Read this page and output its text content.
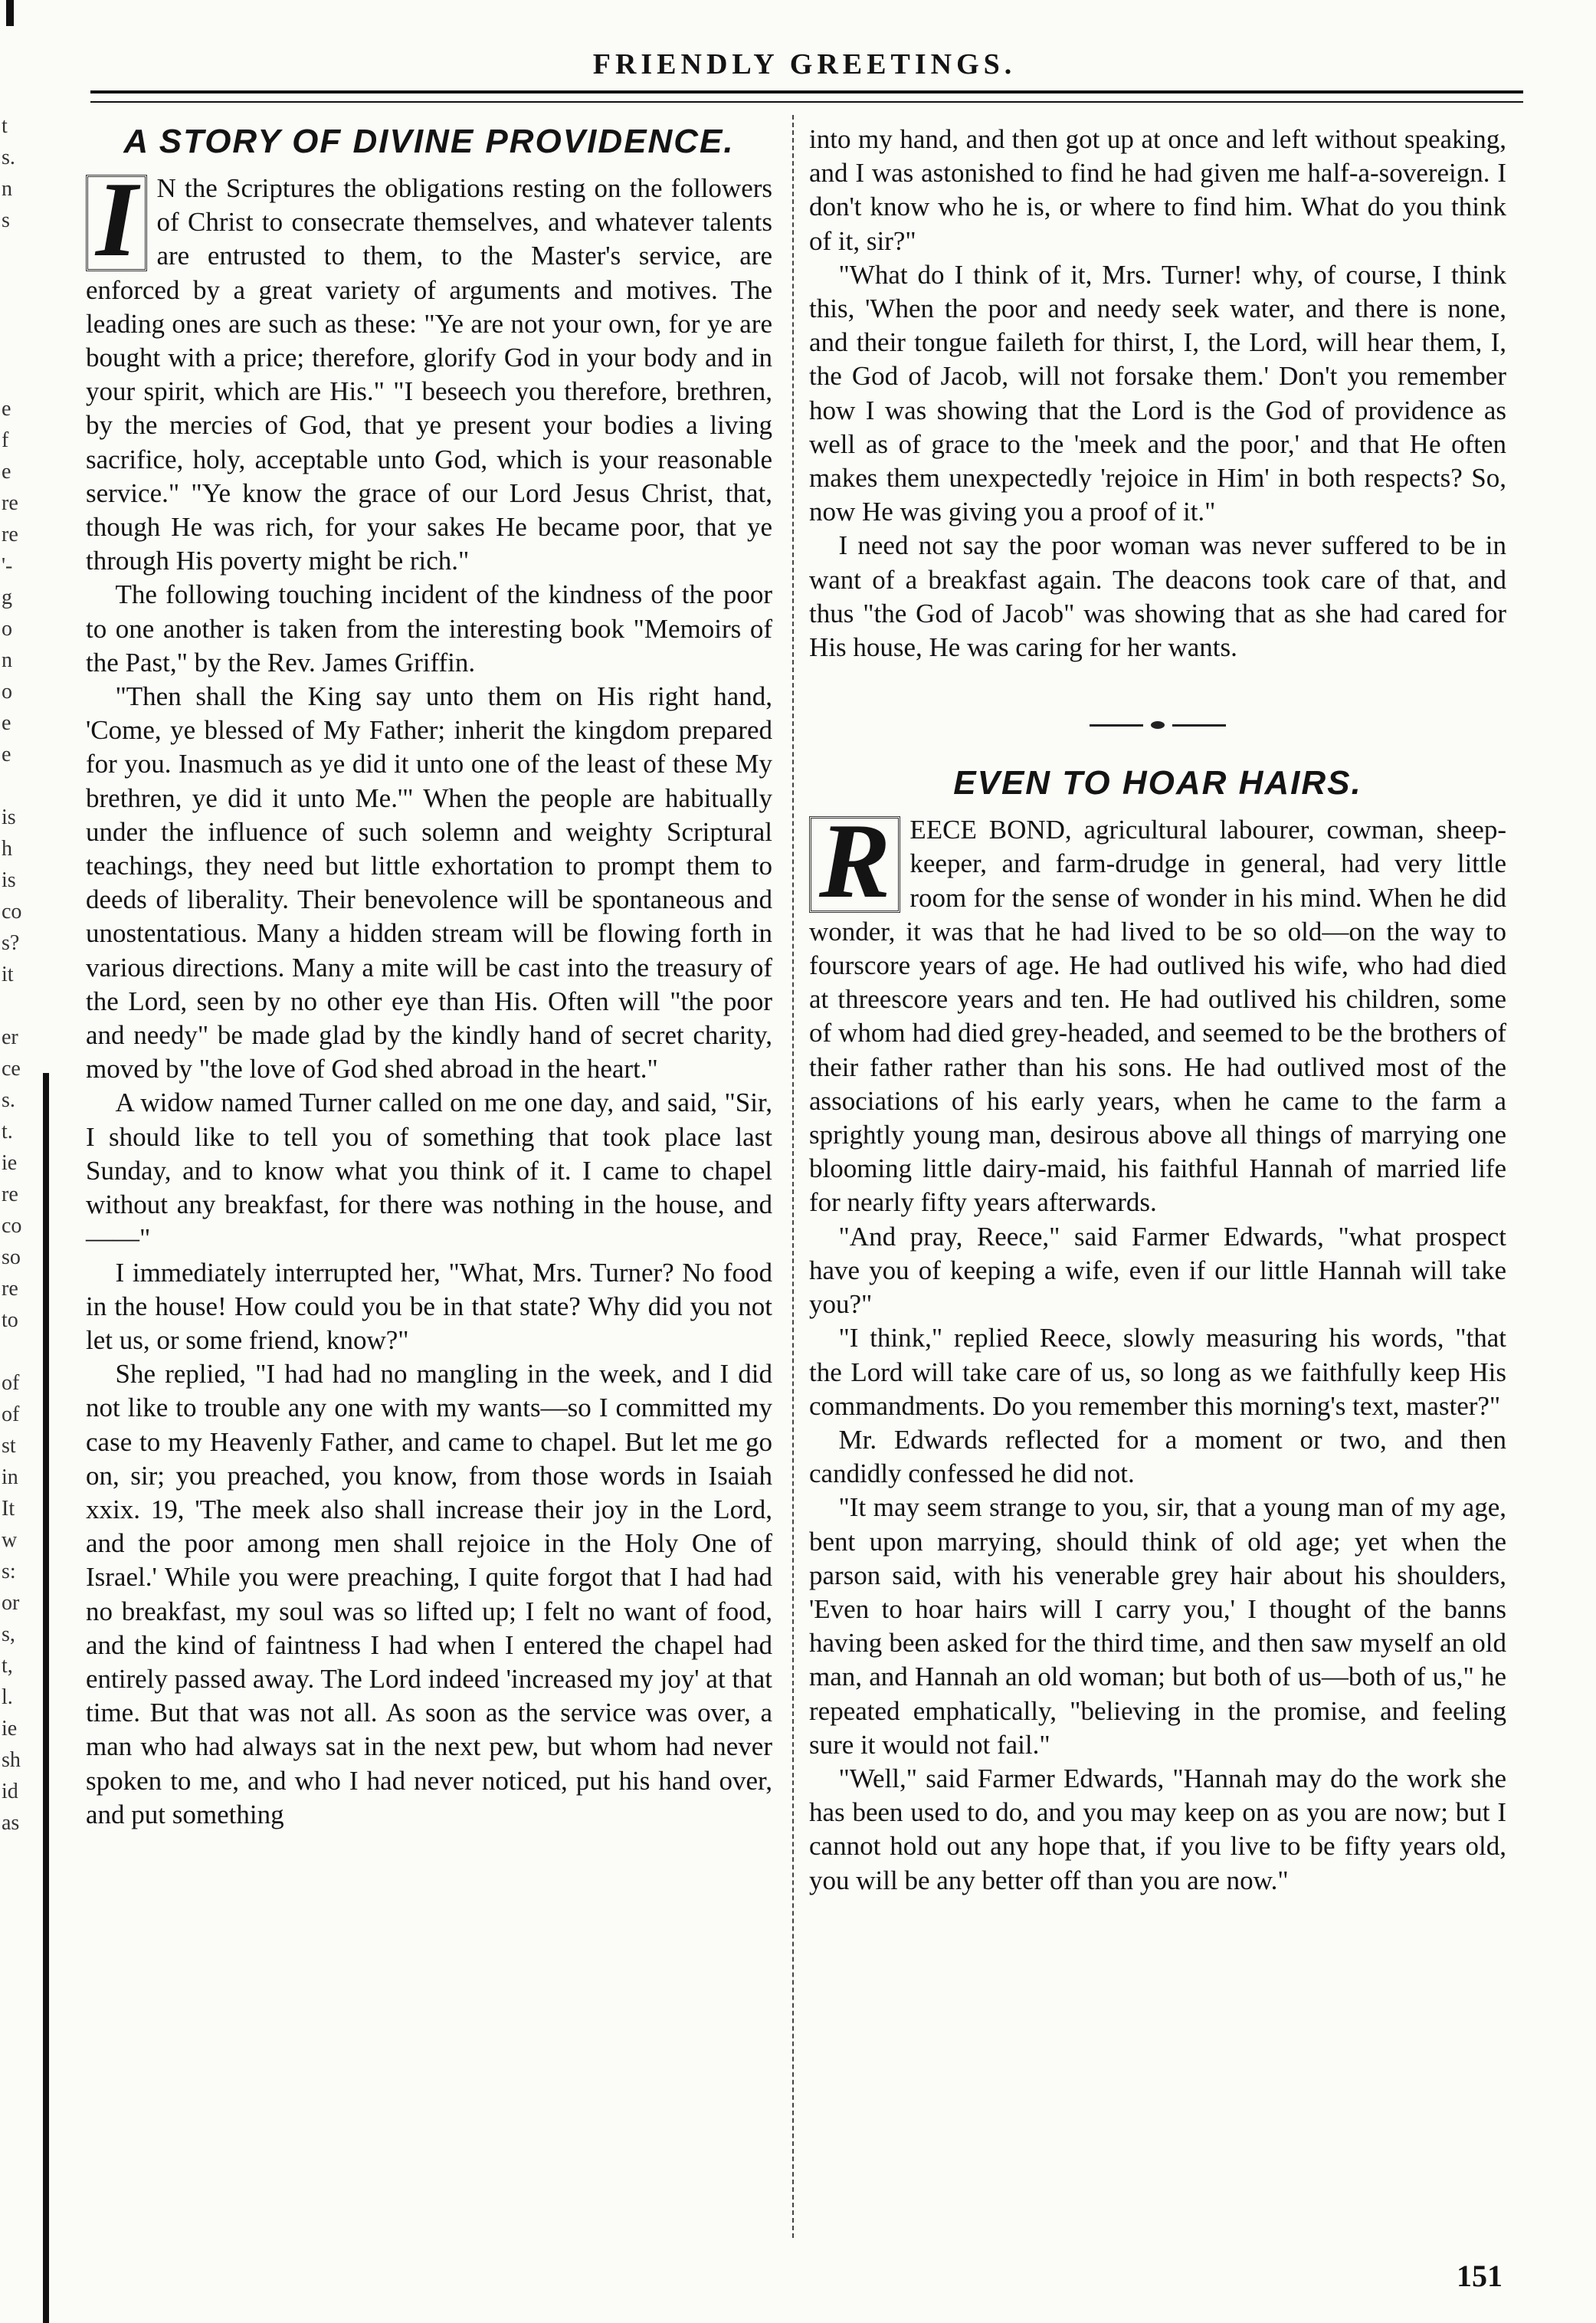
t
s.
n
s
e
f
e
re
re
'-
g
o
n
o
e
e
is
h
is
co
s?
it
er
ce
s.
t.
ie
re
co
so
re
to
of
of
st
in
It
w
s:
or
s,
t,
l.
ie
sh
id
as
FRIENDLY GREETINGS.
A STORY OF DIVINE PROVIDENCE.

I N the Scriptures the obligations resting on the followers of Christ to consecrate themselves, and whatever talents are entrusted to them, to the Master's service, are enforced by a great variety of arguments and motives. The leading ones are such as these: "Ye are not your own, for ye are bought with a price; therefore, glorify God in your body and in your spirit, which are His." "I beseech you therefore, brethren, by the mercies of God, that ye present your bodies a living sacrifice, holy, acceptable unto God, which is your reasonable service." "Ye know the grace of our Lord Jesus Christ, that, though He was rich, for your sakes He became poor, that ye through His poverty might be rich."

The following touching incident of the kindness of the poor to one another is taken from the interesting book "Memoirs of the Past," by the Rev. James Griffin.

"Then shall the King say unto them on His right hand, 'Come, ye blessed of My Father; inherit the kingdom prepared for you. Inasmuch as ye did it unto one of the least of these My brethren, ye did it unto Me.'" When the people are habitually under the influence of such solemn and weighty Scriptural teachings, they need but little exhortation to prompt them to deeds of liberality. Their benevolence will be spontaneous and unostentatious. Many a hidden stream will be flowing forth in various directions. Many a mite will be cast into the treasury of the Lord, seen by no other eye than His. Often will "the poor and needy" be made glad by the kindly hand of secret charity, moved by "the love of God shed abroad in the heart."

A widow named Turner called on me one day, and said, "Sir, I should like to tell you of something that took place last Sunday, and to know what you think of it. I came to chapel without any breakfast, for there was nothing in the house, and——"

I immediately interrupted her, "What, Mrs. Turner? No food in the house! How could you be in that state? Why did you not let us, or some friend, know?"

She replied, "I had had no mangling in the week, and I did not like to trouble any one with my wants—so I committed my case to my Heavenly Father, and came to chapel. But let me go on, sir; you preached, you know, from those words in Isaiah xxix. 19, 'The meek also shall increase their joy in the Lord, and the poor among men shall rejoice in the Holy One of Israel.' While you were preaching, I quite forgot that I had had no breakfast, my soul was so lifted up; I felt no want of food, and the kind of faintness I had when I entered the chapel had entirely passed away. The Lord indeed 'increased my joy' at that time. But that was not all. As soon as the service was over, a man who had always sat in the next pew, but whom had never spoken to me, and who I had never noticed, put his hand over, and put something

into my hand, and then got up at once and left without speaking, and I was astonished to find he had given me half-a-sovereign. I don't know who he is, or where to find him. What do you think of it, sir?"

"What do I think of it, Mrs. Turner! why, of course, I think this, 'When the poor and needy seek water, and there is none, and their tongue faileth for thirst, I, the Lord, will hear them, I, the God of Jacob, will not forsake them.' Don't you remember how I was showing that the Lord is the God of providence as well as of grace to the 'meek and the poor,' and that He often makes them unexpectedly 'rejoice in Him' in both respects? So, now He was giving you a proof of it."

I need not say the poor woman was never suffered to be in want of a breakfast again. The deacons took care of that, and thus "the God of Jacob" was showing that as she had cared for His house, He was caring for her wants.

EVEN TO HOAR HAIRS.

R EECE BOND, agricultural labourer, cowman, sheep-keeper, and farm-drudge in general, had very little room for the sense of wonder in his mind. When he did wonder, it was that he had lived to be so old—on the way to fourscore years of age. He had outlived his wife, who had died at threescore years and ten. He had outlived his children, some of whom had died grey-headed, and seemed to be the brothers of their father rather than his sons. He had outlived most of the associations of his early years, when he came to the farm a sprightly young man, desirous above all things of marrying one blooming little dairy-maid, his faithful Hannah of married life for nearly fifty years afterwards.

"And pray, Reece," said Farmer Edwards, "what prospect have you of keeping a wife, even if our little Hannah will take you?"

"I think," replied Reece, slowly measuring his words, "that the Lord will take care of us, so long as we faithfully keep His commandments. Do you remember this morning's text, master?"

Mr. Edwards reflected for a moment or two, and then candidly confessed he did not.

"It may seem strange to you, sir, that a young man of my age, bent upon marrying, should think of old age; yet when the parson said, with his venerable grey hair about his shoulders, 'Even to hoar hairs will I carry you,' I thought of the banns having been asked for the third time, and then saw myself an old man, and Hannah an old woman; but both of us—both of us," he repeated emphatically, "believing in the promise, and feeling sure it would not fail."

"Well," said Farmer Edwards, "Hannah may do the work she has been used to do, and you may keep on as you are now; but I cannot hold out any hope that, if you live to be fifty years old, you will be any better off than you are now."

151
